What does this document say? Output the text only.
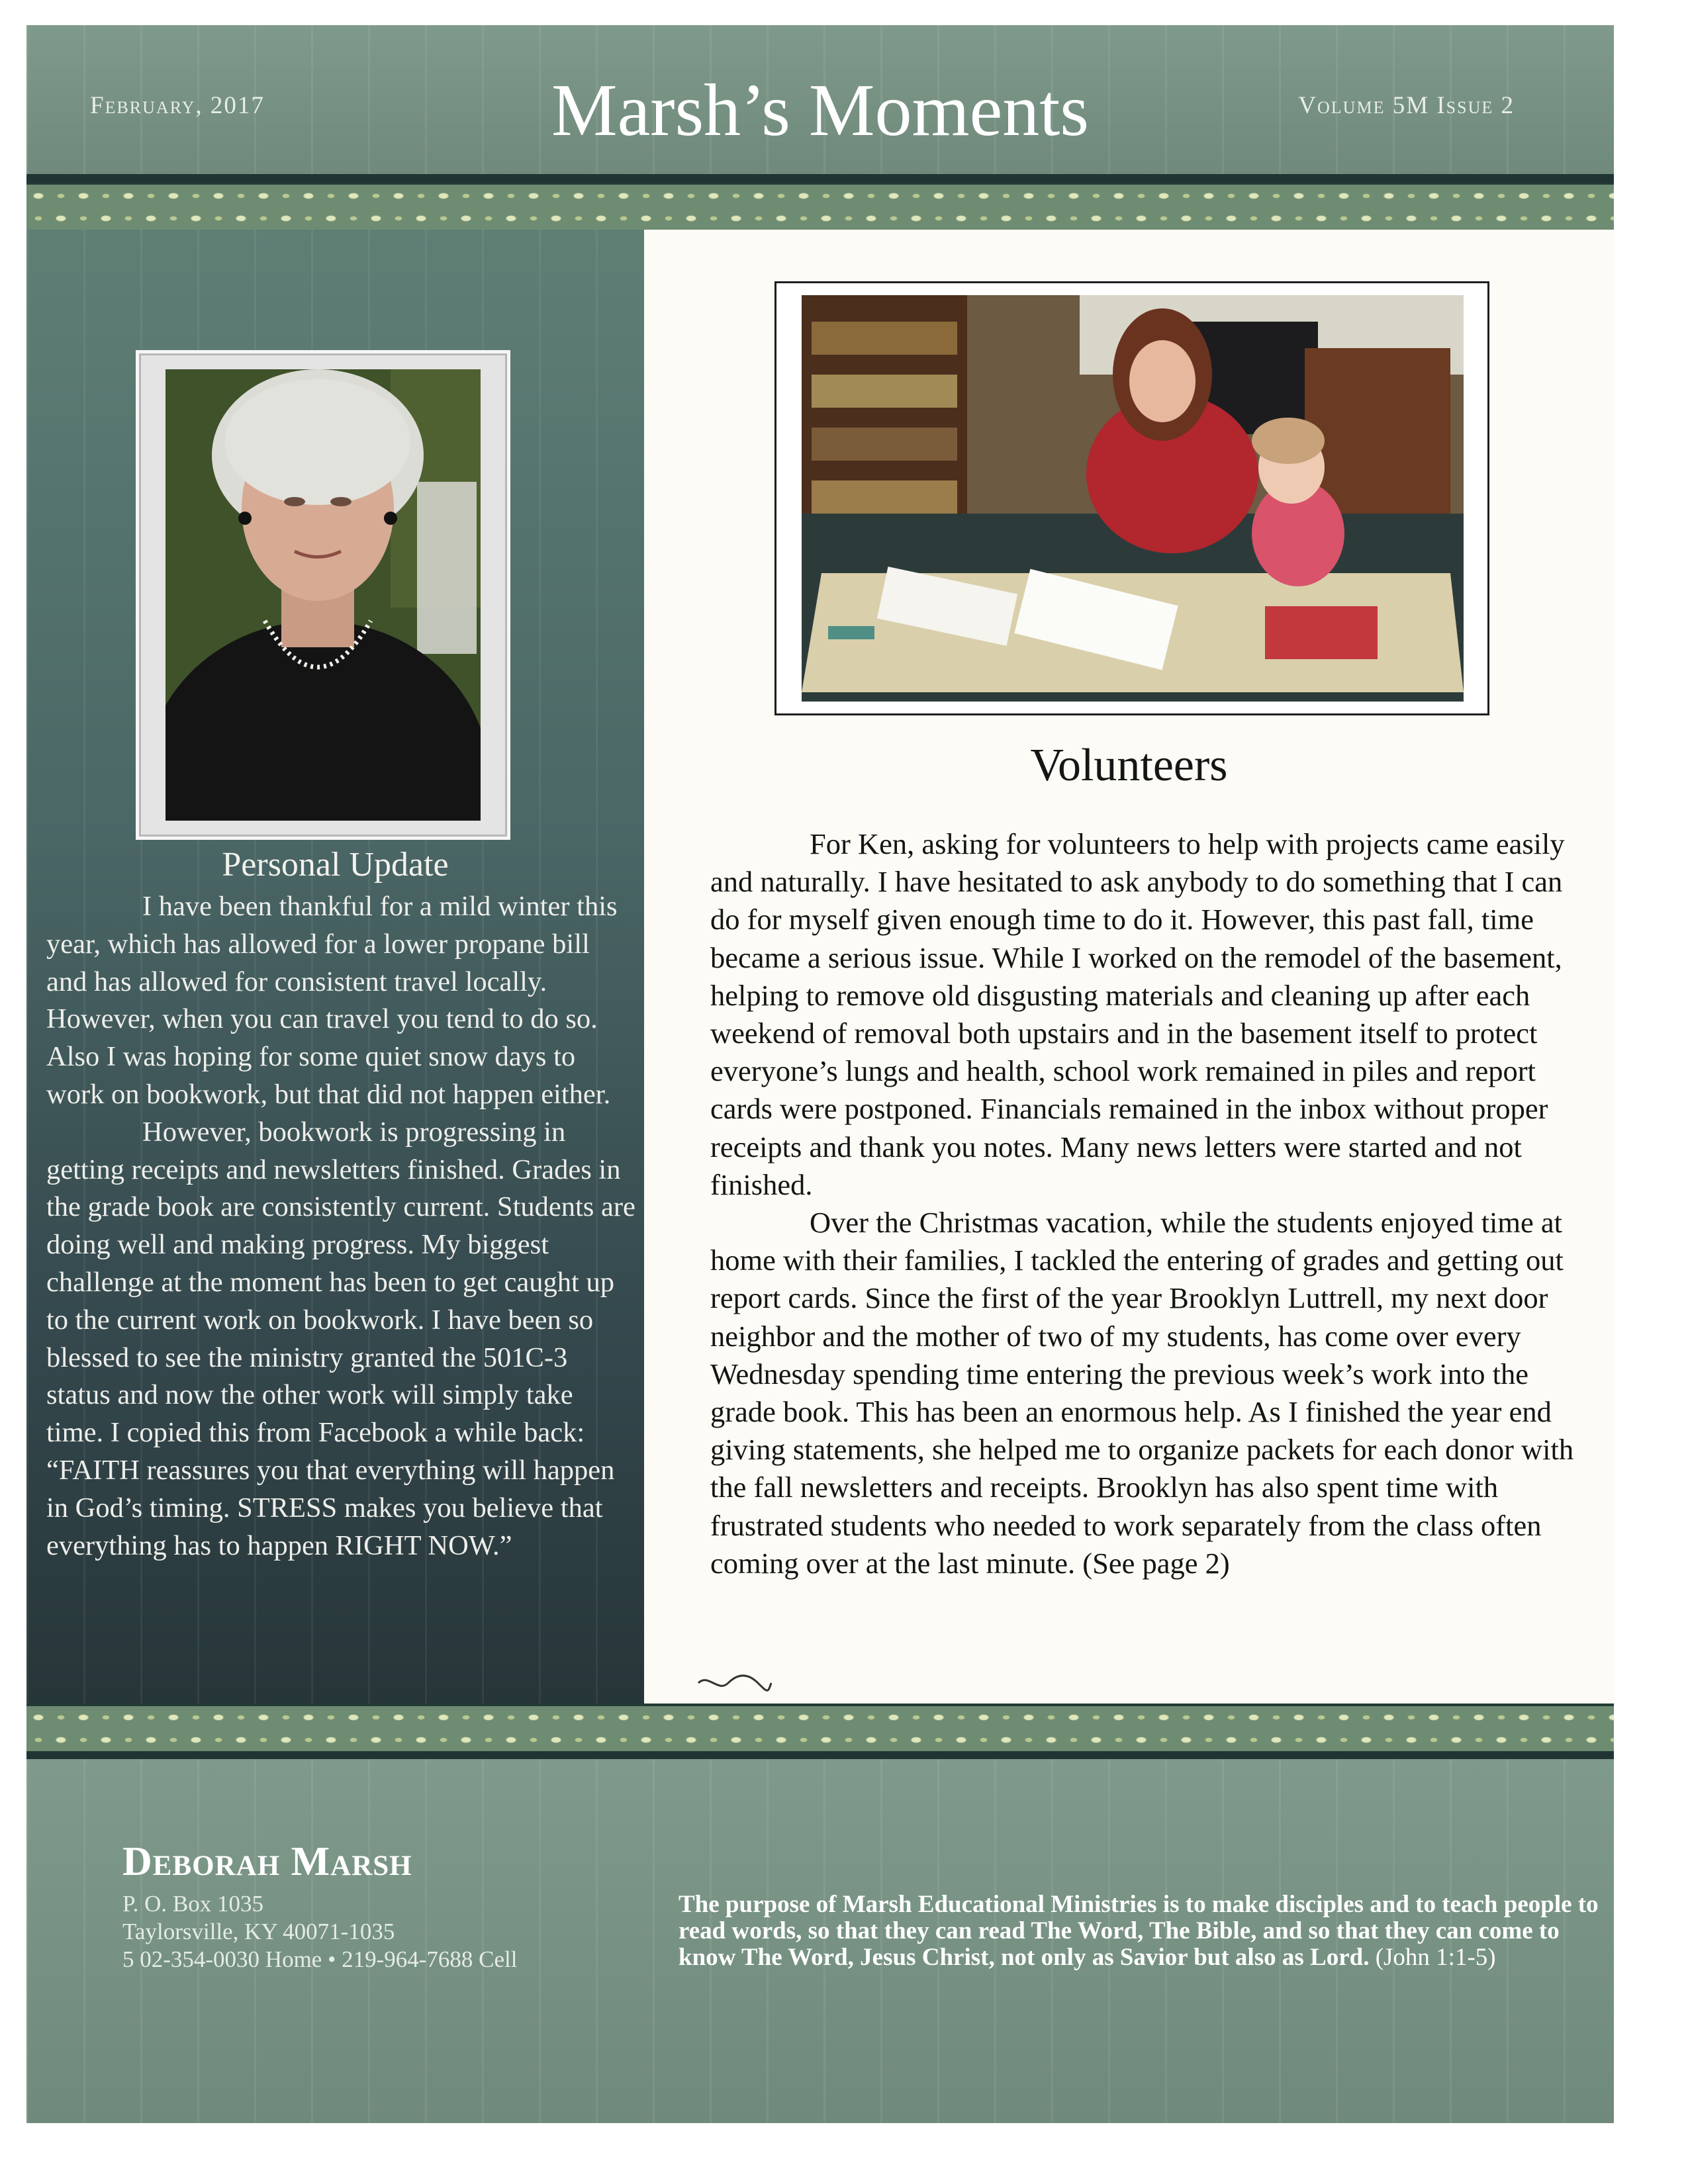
February, 2017	Marsh’s Moments	Volume 5M Issue 2
Personal Update

I have been thankful for a mild winter this year, which has allowed for a lower propane bill and has allowed for consistent travel locally. However, when you can travel you tend to do so. Also I was hoping for some quiet snow days to work on bookwork, but that did not happen either.

However, bookwork is progressing in getting receipts and newsletters finished. Grades in the grade book are consistently current. Students are doing well and making progress. My biggest challenge at the moment has been to get caught up to the current work on bookwork. I have been so blessed to see the ministry granted the 501C-3 status and now the other work will simply take time. I copied this from Facebook a while back: “FAITH reassures you that everything will happen in God’s timing. STRESS makes you believe that everything has to happen RIGHT NOW.”

Volunteers

For Ken, asking for volunteers to help with projects came easily and naturally. I have hesitated to ask anybody to do something that I can do for myself given enough time to do it. However, this past fall, time became a serious issue. While I worked on the remodel of the basement, helping to remove old disgusting materials and cleaning up after each weekend of removal both upstairs and in the basement itself to protect everyone’s lungs and health, school work remained in piles and report cards were postponed. Financials remained in the inbox without proper receipts and thank you notes. Many news letters were started and not finished.

Over the Christmas vacation, while the students enjoyed time at home with their families, I tackled the entering of grades and getting out report cards. Since the first of the year Brooklyn Luttrell, my next door neighbor and the mother of two of my students, has come over every Wednesday spending time entering the previous week’s work into the grade book. This has been an enormous help. As I finished the year end giving statements, she helped me to organize packets for each donor with the fall newsletters and receipts. Brooklyn has also spent time with frustrated students who needed to work separately from the class often coming over at the last minute. (See page 2)

Deborah Marsh
P. O. Box 1035
Taylorsville, KY 40071-1035
5 02-354-0030 Home • 219-964-7688 Cell
The purpose of Marsh Educational Ministries is to make disciples and to teach people to read words, so that they can read The Word, The Bible, and so that they can come to know The Word, Jesus Christ, not only as Savior but also as Lord. (John 1:1-5)
